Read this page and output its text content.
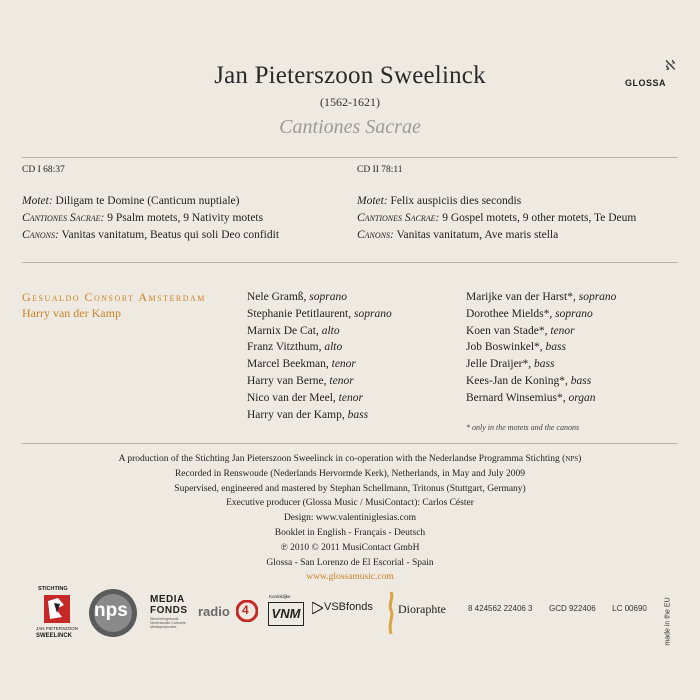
Jan Pieterszoon Sweelinck
(1562-1621)
Cantiones Sacrae
ℵ
GLOSSA
CD I 68:37
Motet: Diligam te Domine (Canticum nuptiale)
Cantiones Sacrae: 9 Psalm motets, 9 Nativity motets
Canons: Vanitas vanitatum, Beatus qui soli Deo confidit
CD II 78:11
Motet: Felix auspiciis dies secondis
Cantiones Sacrae: 9 Gospel motets, 9 other motets, Te Deum
Canons: Vanitas vanitatum, Ave maris stella
Gesualdo Consort Amsterdam
Harry van der Kamp
Nele Gramß, soprano
Stephanie Petitlaurent, soprano
Marnix De Cat, alto
Franz Vitzthum, alto
Marcel Beekman, tenor
Harry van Berne, tenor
Nico van der Meel, tenor
Harry van der Kamp, bass
Marijke van der Harst*, soprano
Dorothee Mields*, soprano
Koen van Stade*, tenor
Job Boswinkel*, bass
Jelle Draijer*, bass
Kees-Jan de Koning*, bass
Bernard Winsemius*, organ
* only in the motets and the canons
A production of the Stichting Jan Pieterszoon Sweelinck in co-operation with the Nederlandse Programma Stichting (nps)
Recorded in Renswoude (Nederlands Hervormde Kerk), Netherlands, in May and July 2009
Supervised, engineered and mastered by Stephan Schellmann, Tritonus (Stuttgart, Germany)
Executive producer (Glossa Music / MusiContact): Carlos Céster
Design: www.valentiniglesias.com
Booklet in English - Français - Deutsch
℗ 2010 © 2011 MusiContact GmbH
Glossa - San Lorenzo de El Escorial - Spain
www.glossamusic.com
STICHTING
JAN PIETERSZOON
SWEELINCK
nps
MEDIA
FONDS
Stimuleringsfonds Nederlandse Culturele Mediaproducties
radio 4
Koninklijke
VNM	VSBfonds Dioraphte	8 424562 22406 3 GCD 922406 LC 00690	made in the EU
